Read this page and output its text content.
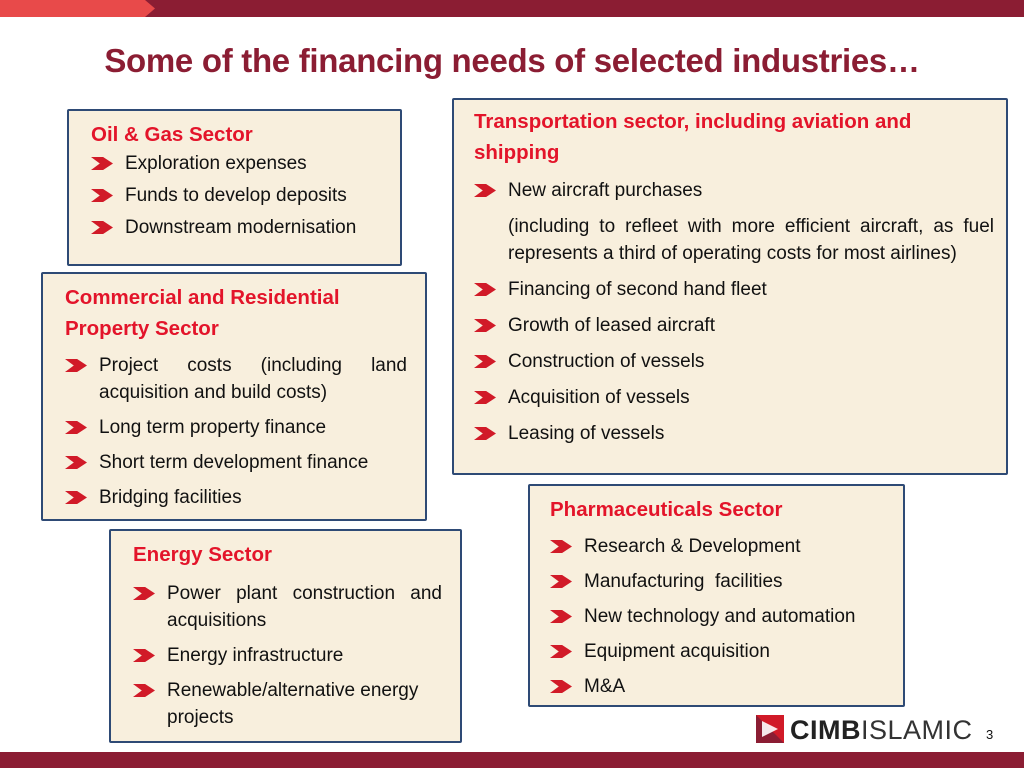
Some of the financing needs of selected industries…
Oil & Gas Sector
Exploration expenses
Funds to develop deposits
Downstream modernisation
Commercial and Residential
Property Sector
Project costs (including land acquisition and build costs)
Long term property finance
Short term development finance
Bridging facilities
Energy Sector
Power plant construction and acquisitions
Energy infrastructure
Renewable/alternative energy projects
Transportation sector, including aviation and shipping
New aircraft purchases
(including to refleet with more efficient aircraft, as fuel represents a third of operating costs for most airlines)
Financing of second hand fleet
Growth of leased aircraft
Construction of vessels
Acquisition of vessels
Leasing of vessels
Pharmaceuticals Sector
Research & Development
Manufacturing  facilities
New technology and automation
Equipment acquisition
M&A
CIMBISLAMIC 3
